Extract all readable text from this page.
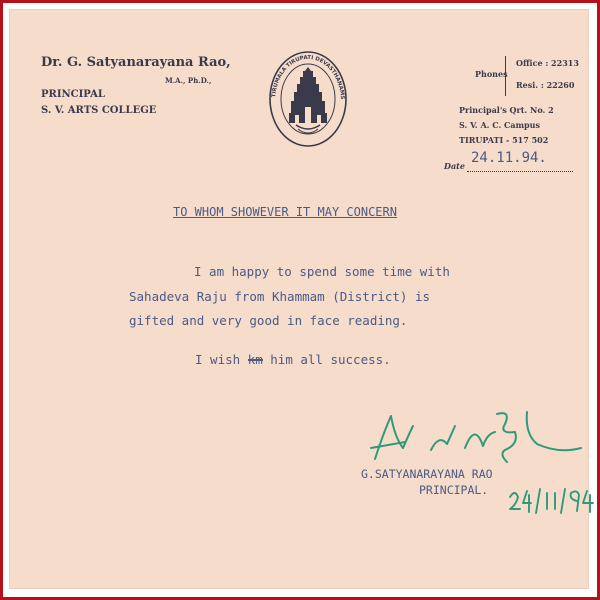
Dr. G. Satyanarayana Rao,
M.A., Ph.D.,
PRINCIPAL
S. V. ARTS COLLEGE
Phones
Office : 22313
Resi. : 22260
Principal's Qrt. No. 2
S. V. A. C. Campus
TIRUPATI - 517 502
Date 24.11.94.
TIRUMALA TIRUPATI DEVASTHANAMS
TO WHOM SHOWEVER IT MAY CONCERN
I am happy to spend some time with
Sahadeva Raju from Khammam (District) is
gifted and very good in face reading.
I wish km him all success.
G.SATYANARAYANA RAO
PRINCIPAL.
